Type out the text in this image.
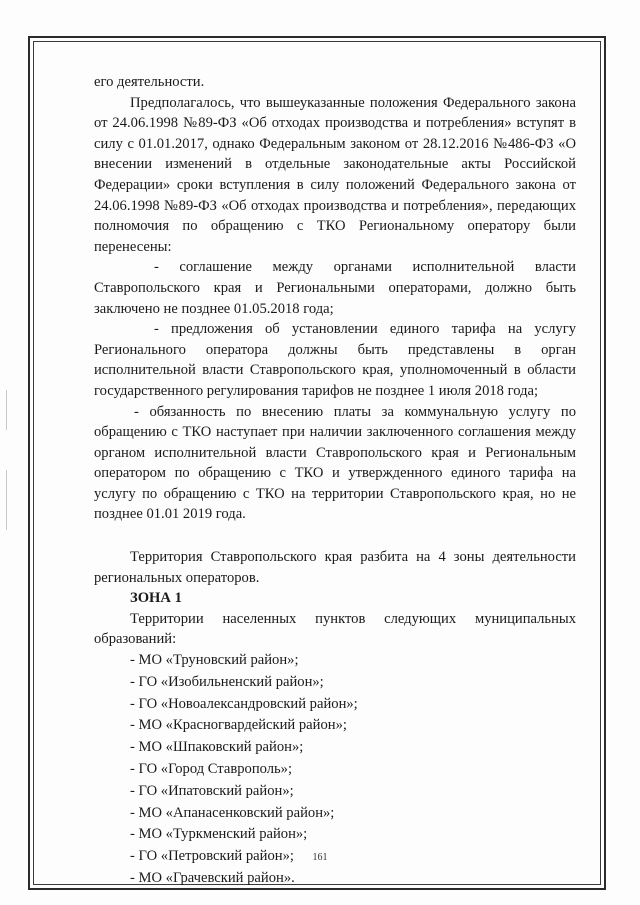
его деятельности.

Предполагалось, что вышеуказанные положения Федерального закона от 24.06.1998 №89-ФЗ «Об отходах производства и потребления» вступят в силу с 01.01.2017, однако Федеральным законом от 28.12.2016 №486-ФЗ «О внесении изменений в отдельные законодательные акты Российской Федерации» сроки вступления в силу положений Федерального закона от 24.06.1998 №89-ФЗ «Об отходах производства и потребления», передающих полномочия по обращению с ТКО Региональному оператору были перенесены:

- соглашение между органами исполнительной власти Ставропольского края и Региональными операторами, должно быть заключено не позднее 01.05.2018 года;

- предложения об установлении единого тарифа на услугу Регионального оператора должны быть представлены в орган исполнительной власти Ставропольского края, уполномоченный в области государственного регулирования тарифов не позднее 1 июля 2018 года;

- обязанность по внесению платы за коммунальную услугу по обращению с ТКО наступает при наличии заключенного соглашения между органом исполнительной власти Ставропольского края и Региональным оператором по обращению с ТКО и утвержденного единого тарифа на услугу по обращению с ТКО на территории Ставропольского края, но не позднее 01.01 2019 года.

Территория Ставропольского края разбита на 4 зоны деятельности региональных операторов.

ЗОНА 1

Территории населенных пунктов следующих муниципальных образований:

- МО «Труновский район»;
- ГО «Изобильненский район»;
- ГО «Новоалександровский район»;
- МО «Красногвардейский район»;
- МО «Шпаковский район»;
- ГО «Город Ставрополь»;
- ГО «Ипатовский район»;
- МО «Апанасенковский район»;
- МО «Туркменский район»;
- ГО «Петровский район»;
- МО «Грачевский район».
161
